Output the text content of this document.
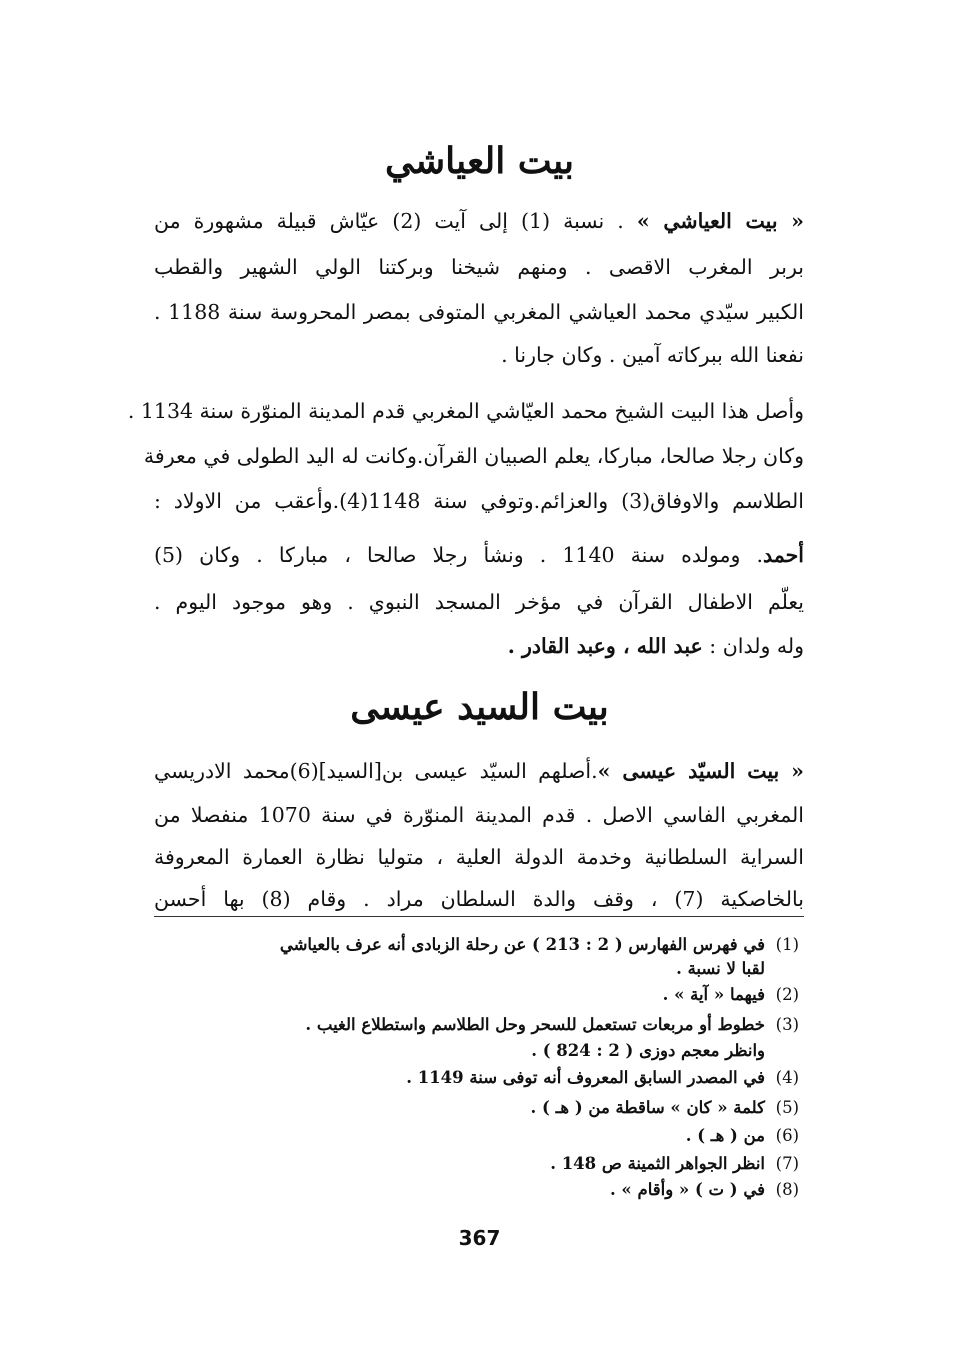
بيت العياشي
« بيت العياشي » . نسبة (1) إلى آيت (2) عيّاش قبيلة مشهورة من
بربر المغرب الاقصى . ومنهم شيخنا وبركتنا الولي الشهير والقطب
الكبير سيّدي محمد العياشي المغربي المتوفى بمصر المحروسة سنة 1188 .
نفعنا الله ببركاته آمين . وكان جارنا .
وأصل هذا البيت الشيخ محمد العيّاشي المغربي قدم المدينة المنوّرة سنة 1134 .
وكان رجلا صالحا، مباركا، يعلم الصبيان القرآن.وكانت له اليد الطولى في معرفة
الطلاسم والاوفاق(3) والعزائم.وتوفي سنة 1148(4).وأعقب من الاولاد :
أحمد. ومولده سنة 1140 . ونشأ رجلا صالحا ، مباركا . وكان (5)
يعلّم الاطفال القرآن في مؤخر المسجد النبوي . وهو موجود اليوم .
وله ولدان : عبد الله ، وعبد القادر .
بيت السيد عيسى
« بيت السيّد عيسى ».أصلهم السيّد عيسى بن[السيد](6)محمد الادريسي
المغربي الفاسي الاصل . قدم المدينة المنوّرة في سنة 1070 منفصلا من
السراية السلطانية وخدمة الدولة العلية ، متوليا نظارة العمارة المعروفة
بالخاصكية (7) ، وقف والدة السلطان مراد . وقام (8) بها أحسن
(1)في فهرس الفهارس ( 2 : 213 ) عن رحلة الزبادى أنه عرف بالعياشي
لقبا لا نسبة .
(2)فيهما « آية » .
(3)خطوط أو مربعات تستعمل للسحر وحل الطلاسم واستطلاع الغيب .
وانظر معجم دوزى ( 2 : 824 ) .
(4)في المصدر السابق المعروف أنه توفى سنة 1149 .
(5)كلمة « كان » ساقطة من ( هـ ) .
(6)من ( هـ ) .
(7)انظر الجواهر الثمينة ص 148 .
(8)في ( ت ) « وأقام » .
367
